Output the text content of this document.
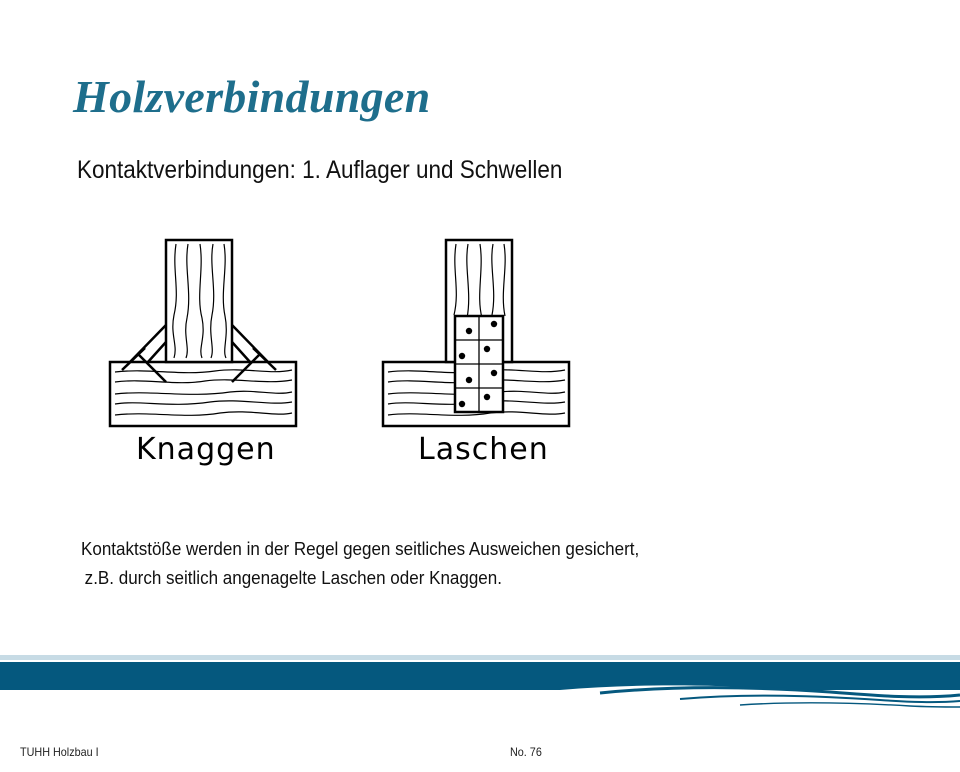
Holzverbindungen
Kontaktverbindungen: 1. Auflager und Schwellen
Knaggen	Laschen
Kontaktstöße werden in der Regel gegen seitliches Ausweichen gesichert,
z.B. durch seitlich angenagelte Laschen oder Knaggen.
TUHH Holzbau I	No. 76
